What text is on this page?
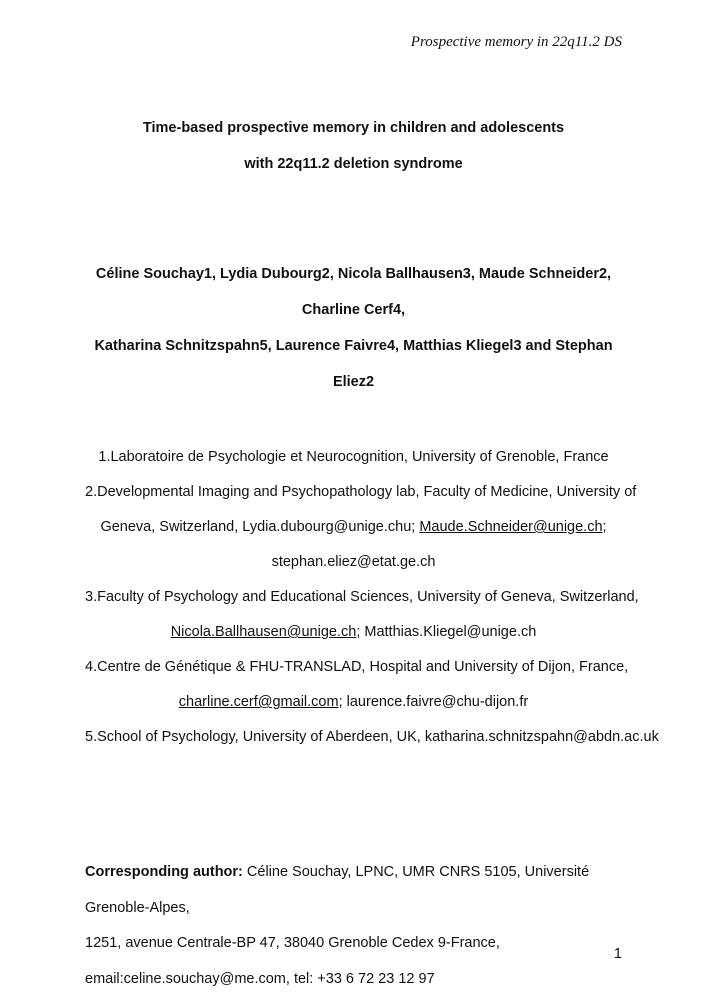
Prospective memory in 22q11.2 DS
Time-based prospective memory in children and adolescents
with 22q11.2 deletion syndrome
Céline Souchay1, Lydia Dubourg2, Nicola Ballhausen3, Maude Schneider2, Charline Cerf4,
Katharina Schnitzspahn5, Laurence Faivre4, Matthias Kliegel3 and Stephan Eliez2
1.Laboratoire de Psychologie et Neurocognition, University of Grenoble, France
2.Developmental Imaging and Psychopathology lab, Faculty of Medicine, University of
Geneva, Switzerland, Lydia.dubourg@unige.chu; Maude.Schneider@unige.ch;
stephan.eliez@etat.ge.ch
3.Faculty of Psychology and Educational Sciences, University of Geneva, Switzerland,
Nicola.Ballhausen@unige.ch; Matthias.Kliegel@unige.ch
4.Centre de Génétique & FHU-TRANSLAD, Hospital and University of Dijon, France,
charline.cerf@gmail.com; laurence.faivre@chu-dijon.fr
5.School of Psychology, University of Aberdeen, UK, katharina.schnitzspahn@abdn.ac.uk
Corresponding author: Céline Souchay, LPNC, UMR CNRS 5105, Université Grenoble-Alpes,
1251, avenue Centrale-BP 47, 38040 Grenoble Cedex 9-France,
email:celine.souchay@me.com, tel: +33 6 72 23 12 97
1
